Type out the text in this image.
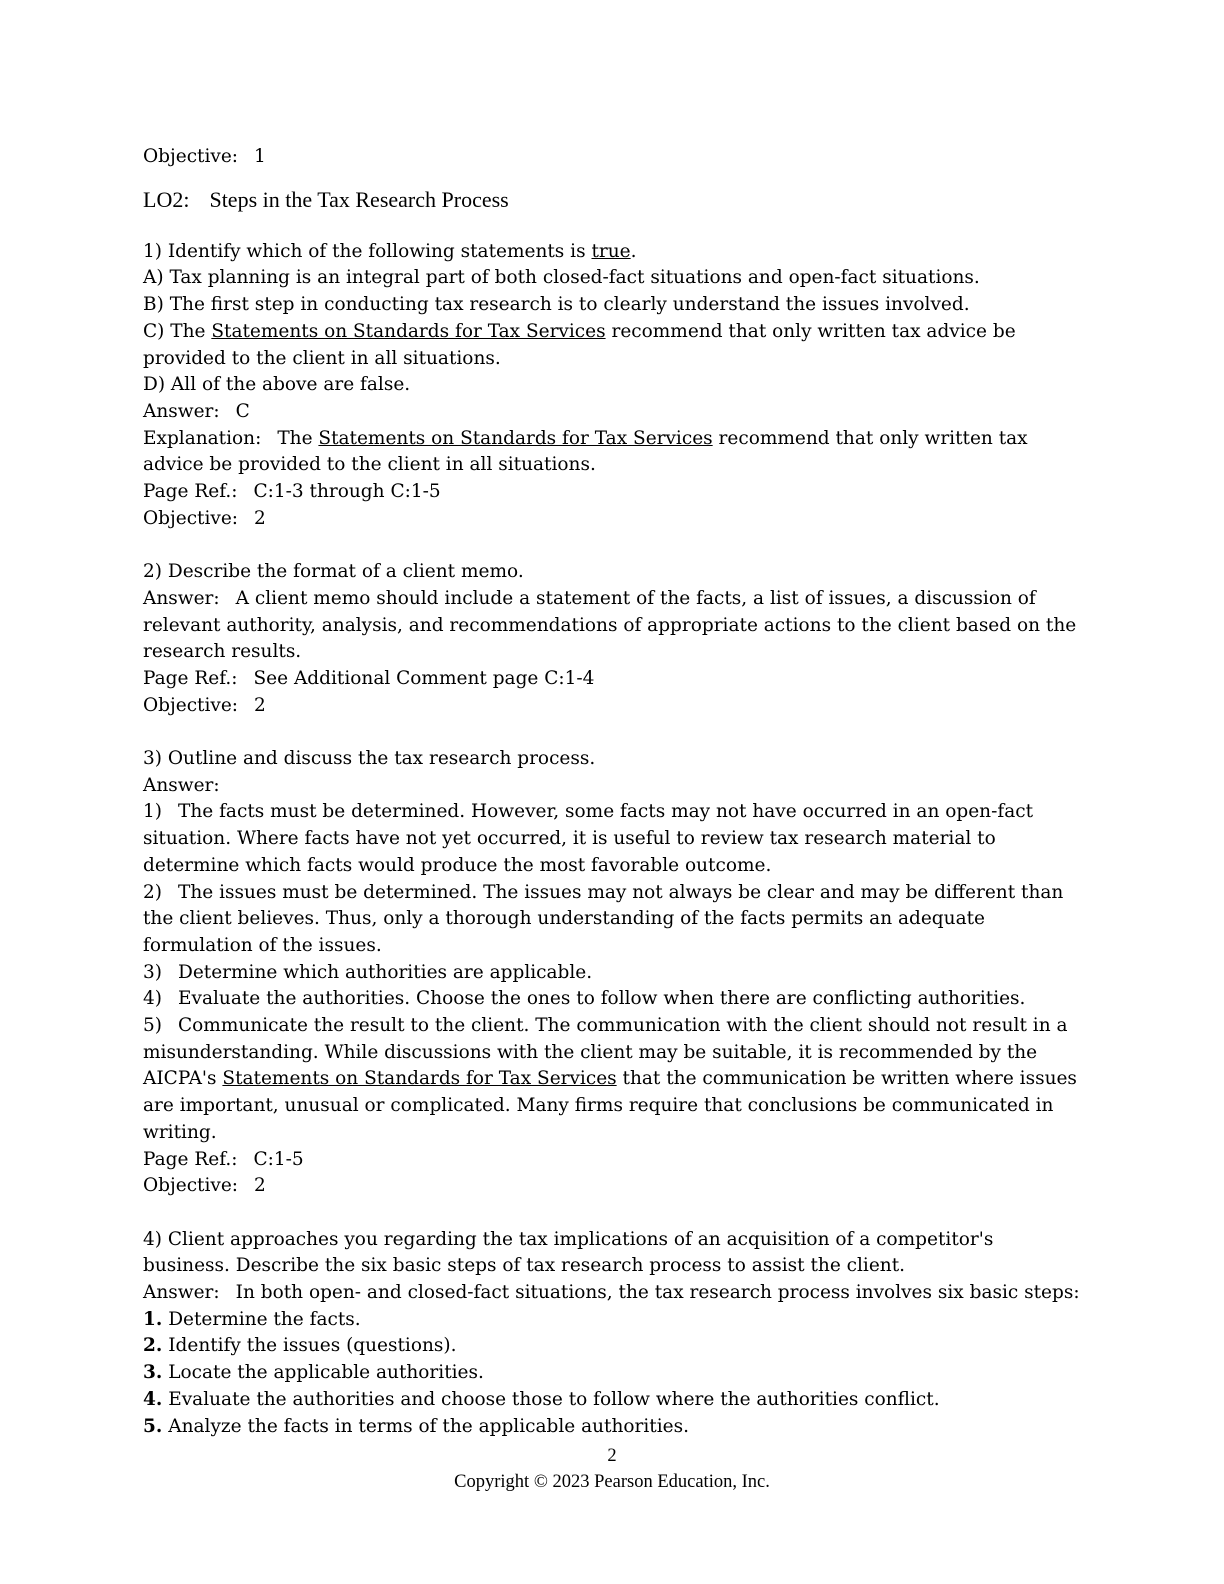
Objective: 1
LO2: Steps in the Tax Research Process
1) Identify which of the following statements is true.
A) Tax planning is an integral part of both closed-fact situations and open-fact situations.
B) The first step in conducting tax research is to clearly understand the issues involved.
C) The Statements on Standards for Tax Services recommend that only written tax advice be provided to the client in all situations.
D) All of the above are false.
Answer: C
Explanation: The Statements on Standards for Tax Services recommend that only written tax advice be provided to the client in all situations.
Page Ref.: C:1-3 through C:1-5
Objective: 2
2) Describe the format of a client memo.
Answer: A client memo should include a statement of the facts, a list of issues, a discussion of relevant authority, analysis, and recommendations of appropriate actions to the client based on the research results.
Page Ref.: See Additional Comment page C:1-4
Objective: 2
3) Outline and discuss the tax research process.
Answer:
1) The facts must be determined. However, some facts may not have occurred in an open-fact situation. Where facts have not yet occurred, it is useful to review tax research material to determine which facts would produce the most favorable outcome.
2) The issues must be determined. The issues may not always be clear and may be different than the client believes. Thus, only a thorough understanding of the facts permits an adequate formulation of the issues.
3) Determine which authorities are applicable.
4) Evaluate the authorities. Choose the ones to follow when there are conflicting authorities.
5) Communicate the result to the client. The communication with the client should not result in a misunderstanding. While discussions with the client may be suitable, it is recommended by the AICPA's Statements on Standards for Tax Services that the communication be written where issues are important, unusual or complicated. Many firms require that conclusions be communicated in writing.
Page Ref.: C:1-5
Objective: 2
4) Client approaches you regarding the tax implications of an acquisition of a competitor's business. Describe the six basic steps of tax research process to assist the client.
Answer: In both open- and closed-fact situations, the tax research process involves six basic steps:
1. Determine the facts.
2. Identify the issues (questions).
3. Locate the applicable authorities.
4. Evaluate the authorities and choose those to follow where the authorities conflict.
5. Analyze the facts in terms of the applicable authorities.
2
Copyright © 2023 Pearson Education, Inc.
